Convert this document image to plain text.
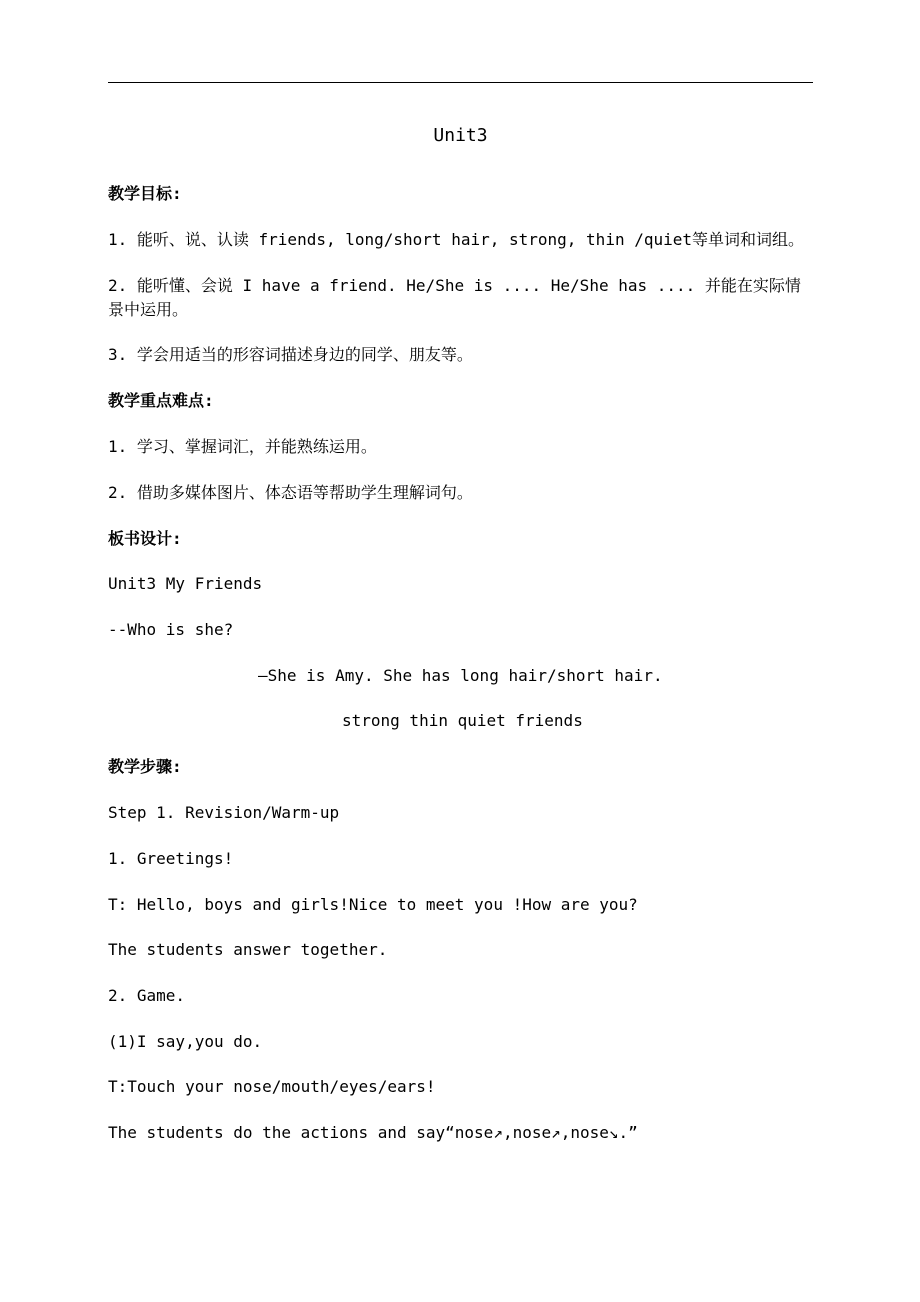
Unit3
教学目标:
1. 能听、说、认读 friends, long/short hair, strong, thin /quiet等单词和词组。
2. 能听懂、会说 I have a friend. He/She is .... He/She has .... 并能在实际情
景中运用。
3. 学会用适当的形容词描述身边的同学、朋友等。
教学重点难点:
1. 学习、掌握词汇，并能熟练运用。
2. 借助多媒体图片、体态语等帮助学生理解词句。
板书设计:
Unit3 My Friends
--Who is she?
—She is Amy. She has long hair/short hair.
strong thin quiet friends
教学步骤:
Step 1. Revision/Warm-up
1. Greetings!
T: Hello, boys and girls!Nice to meet you !How are you?
The students answer together.
2. Game.
(1)I say,you do.
T:Touch your nose/mouth/eyes/ears!
The students do the actions and say“nose↗,nose↗,nose↘.”
